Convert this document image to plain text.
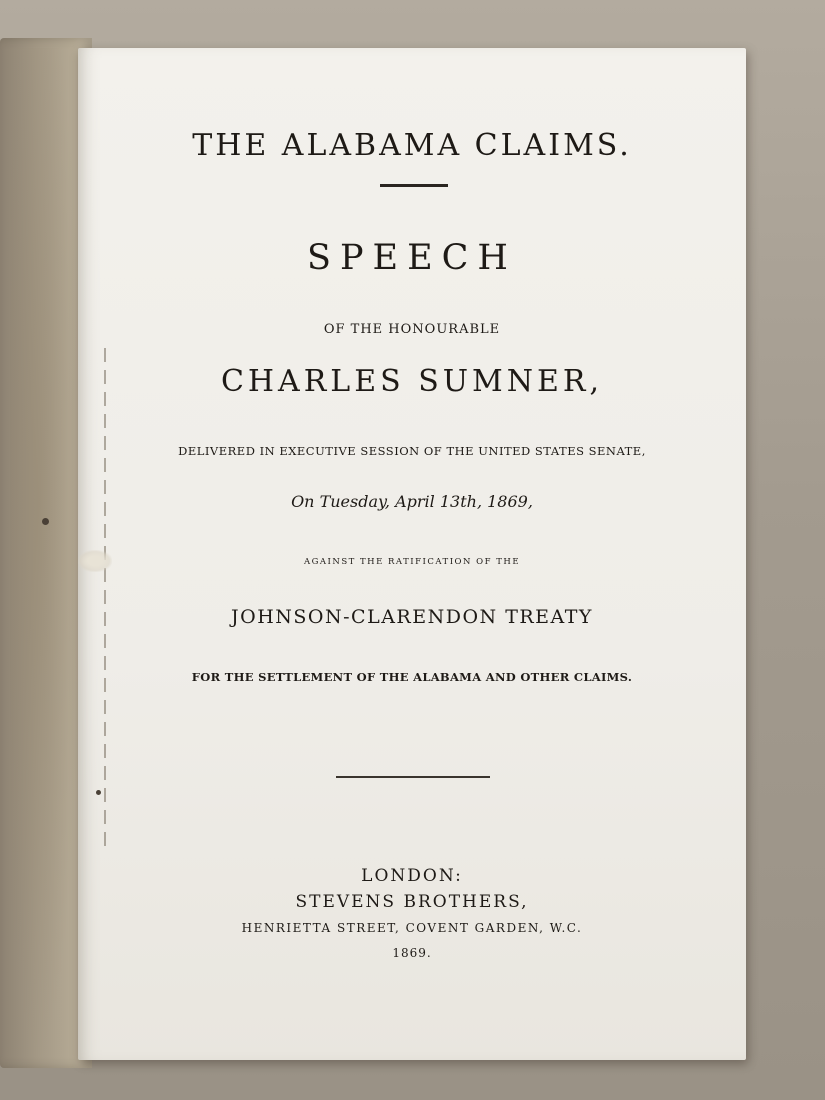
THE ALABAMA CLAIMS.
SPEECH
OF THE HONOURABLE
CHARLES SUMNER,
DELIVERED IN EXECUTIVE SESSION OF THE UNITED STATES SENATE,
On Tuesday, April 13th, 1869,
AGAINST THE RATIFICATION OF THE
JOHNSON-CLARENDON TREATY
FOR THE SETTLEMENT OF THE ALABAMA AND OTHER CLAIMS.
LONDON:
STEVENS BROTHERS,
HENRIETTA STREET, COVENT GARDEN, W.C.
1869.
